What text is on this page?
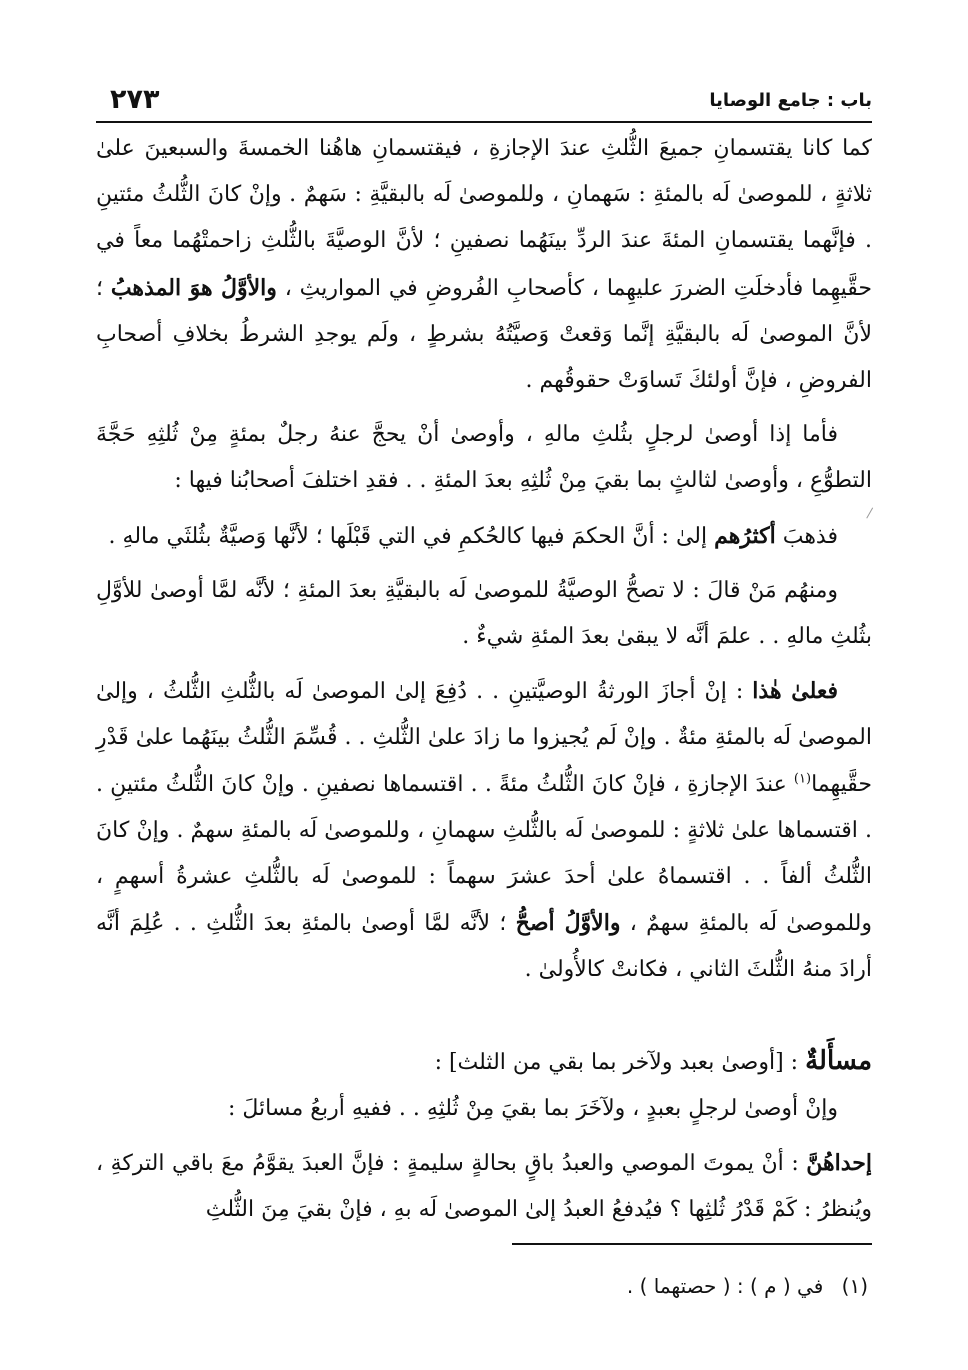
باب : جامع الوصايا
٢٧٣

كما كانا يقتسمانِ جميعَ الثُّلثِ عندَ الإجازةِ ، فيقتسمانِ هاهُنا الخمسةَ والسبعينَ علىٰ ثلاثةٍ ، للموصىٰ لَه بالمئةِ : سَهمانِ ، وللموصىٰ لَه بالبقيَّةِ : سَهمٌ . وإنْ كانَ الثُّلثُ مئتينِ . فإنَّهما يقتسمانِ المئةَ عندَ الردِّ بينَهُما نصفينِ ؛ لأنَّ الوصيَّةَ بالثُّلثِ زاحمتْهُما معاً في حقَّيهِما فأدخلَتِ الضررَ عليهِما ، كأصحابِ الفُروضِ في المواريثِ ، والأوَّلُ هوَ المذهبُ ؛ لأنَّ الموصىٰ لَه بالبقيَّةِ إنَّما وَقعتْ وَصيَّتُهُ بشرطٍ ، ولَم يوجدِ الشرطُ بخلافِ أصحابِ الفروضِ ، فإنَّ أولئكَ تَساوَتْ حقوقُهم .

فأما إذا أوصىٰ لرجلٍ بثُلثِ مالهِ ، وأوصىٰ أنْ يحجَّ عنهُ رجلٌ بمئةٍ مِنْ ثُلثِهِ حَجَّةَ التطوُّعِ ، وأوصىٰ لثالثٍ بما بقيَ مِنْ ثُلثِهِ بعدَ المئةِ . . فقدِ اختلفَ أصحابُنا فيها :

فذهبَ أكثرُهم إلىٰ : أنَّ الحكمَ فيها كالحُكمِ في التي قَبْلَها ؛ لأنَّها وَصيَّةٌ بثُلثَي مالهِ .

ومنهُم مَنْ قالَ : لا تصحُّ الوصيَّةُ للموصىٰ لَه بالبقيَّةِ بعدَ المئةِ ؛ لأنَّه لمَّا أوصىٰ للأوَّلِ بثُلثِ مالهِ . . علمَ أنَّه لا يبقىٰ بعدَ المئةِ شيءٌ .

فعلىٰ هٰذا : إنْ أجازَ الورثةُ الوصيَّتينِ . . دُفِعَ إلىٰ الموصىٰ لَه بالثُّلثِ الثُّلثُ ، وإلىٰ الموصىٰ لَه بالمئةِ مئةٌ . وإنْ لَم يُجيزوا ما زادَ علىٰ الثُّلثِ . . قُسِّمَ الثُّلثُ بينَهُما علىٰ قَدْرِ حقَّيهِما$^{(١)}$ عندَ الإجازةِ ، فإنْ كانَ الثُّلثُ مئةً . . اقتسماها نصفينِ . وإنْ كانَ الثُّلثُ مئتينِ . . اقتسماها علىٰ ثلاثةٍ : للموصىٰ لَه بالثُّلثِ سهمانِ ، وللموصىٰ لَه بالمئةِ سهمٌ . وإنْ كانَ الثُّلثُ ألفاً . . اقتسماهُ علىٰ أحدَ عشرَ سهماً : للموصىٰ لَه بالثُّلثِ عشرةُ أسهمٍ ، وللموصىٰ لَه بالمئةِ سهمٌ ، والأوَّلُ أصحُّ ؛ لأنَّه لمَّا أوصىٰ بالمئةِ بعدَ الثُّلثِ . . عُلِمَ أنَّه أرادَ منهُ الثُّلثَ الثاني ، فكانتْ كالأُولىٰ .

مسأَلةٌ : [أوصىٰ بعبد ولآخر بما بقي من الثلث] :

وإنْ أوصىٰ لرجلٍ بعبدٍ ، ولآخَرَ بما بقيَ مِنْ ثُلثِهِ . . ففيهِ أربعُ مسائلَ :

إحداهُنَّ : أنْ يموتَ الموصي والعبدُ باقٍ بحالةٍ سليمةٍ : فإنَّ العبدَ يقوَّمُ معَ باقي التركةِ ، ويُنظرُ : كَمْ قَدْرُ ثُلثِها ؟ فيُدفعُ العبدُ إلىٰ الموصىٰ لَه بهِ ، فإنْ بقيَ مِنَ الثُّلثِ

(١) في ( م ) : ( حصتهما ) .
